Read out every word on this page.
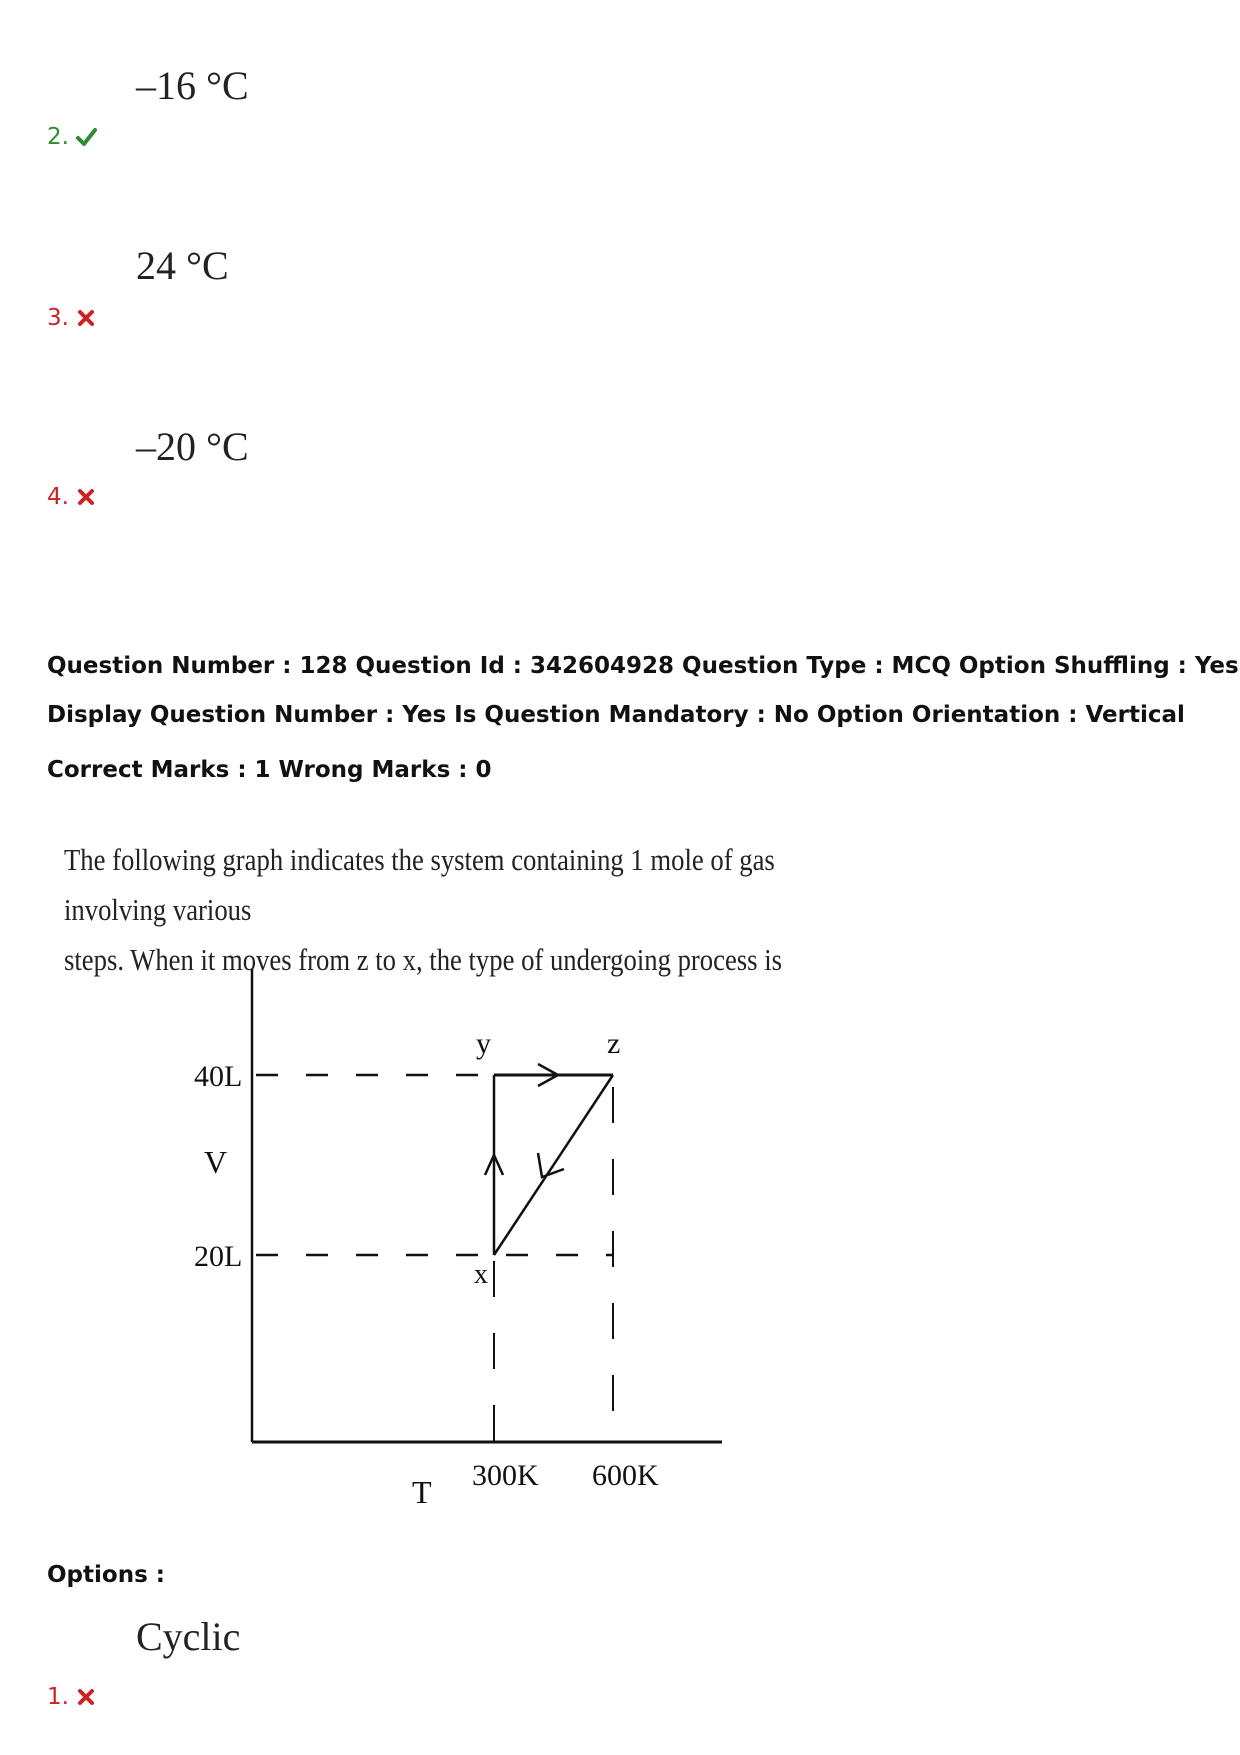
–16 °C
2.
24 °C
3.
–20 °C
4.
Question Number : 128 Question Id : 342604928 Question Type : MCQ Option Shuffling : Yes
Display Question Number : Yes Is Question Mandatory : No Option Orientation : Vertical
Correct Marks : 1 Wrong Marks : 0
The following graph indicates the system containing 1 mole of gas involving various
steps. When it moves from z to x, the type of undergoing process is
40L
V
20L
y	z
x
300K 600K
T
Options :
Cyclic
1.
